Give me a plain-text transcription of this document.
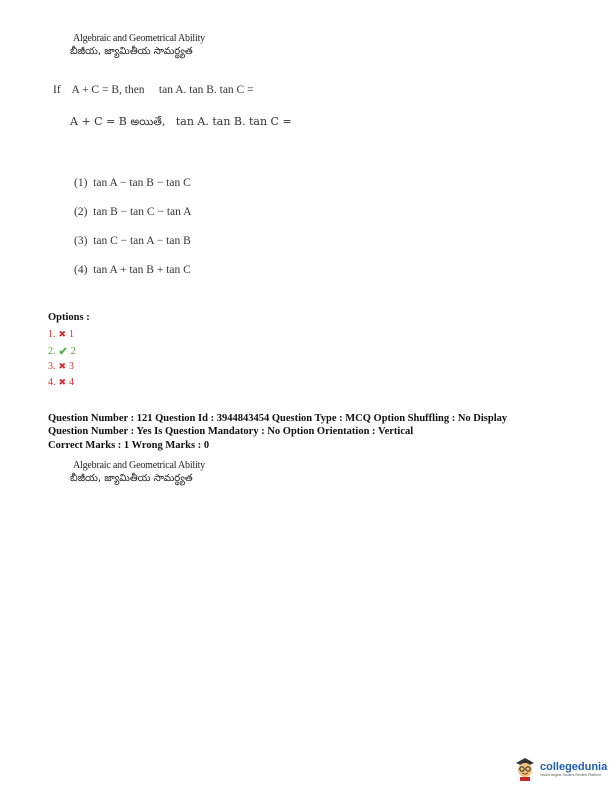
Algebraic and Geometrical Ability
బీజీయ, జ్యామితీయ సామర్థ్యత
If    A + C = B, then     tan A. tan B. tan C =
A + C = B అయితే,   tan A. tan B. tan C =
(1)  tan A − tan B − tan C
(2)  tan B − tan C − tan A
(3)  tan C − tan A − tan B
(4)  tan A + tan B + tan C
Options :
1. ✖ 1
2. ✔ 2
3. ✖ 3
4. ✖ 4
Question Number : 121 Question Id : 3944843454 Question Type : MCQ Option Shuffling : No Display
Question Number : Yes Is Question Mandatory : No Option Orientation : Vertical
Correct Marks : 1 Wrong Marks : 0
Algebraic and Geometrical Ability
బీజీయ, జ్యామితీయ సామర్థ్యత
collegedunia
India's largest Student Review Platform
